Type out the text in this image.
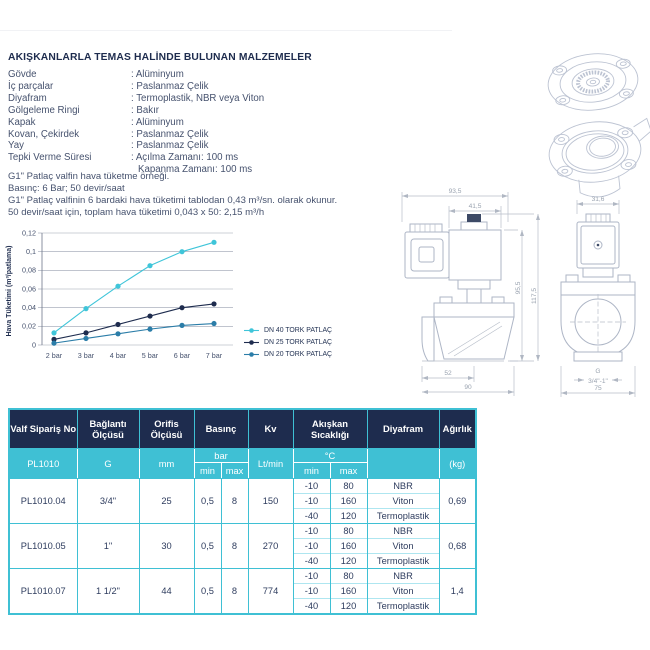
AKIŞKANLARLA TEMAS HALİNDE BULUNAN MALZEMELER
Gövde	: Alüminyum
İç parçalar	: Paslanmaz Çelik
Diyafram	: Termoplastik, NBR veya Viton
Gölgeleme Ringi	: Bakır
Kapak	: Alüminyum
Kovan, Çekirdek	: Paslanmaz Çelik
Yay	: Paslanmaz Çelik
Tepki Verme Süresi	: Açılma Zamanı: 100 ms
Kapanma Zamanı: 100 ms
G1" Patlaç valfin hava tüketme örneği.
Basınç: 6 Bar; 50 devir/saat
G1" Patlaç valfinin 6 bardaki hava tüketimi tablodan 0,43 m³/sn. olarak okunur.
50 devir/saat için, toplam hava tüketimi 0,043 x 50: 2,15 m³/h
Hava Tüketimi (m³/patlama)
0
0,02
0,04
0,06
0,08
0,1
0,12
2 bar 3 bar 4 bar 5 bar 6 bar 7 bar
DN 40 TORK PATLAÇ
DN 25 TORK PATLAÇ
DN 20 TORK PATLAÇ
93,5
41,5
95,5 117,5
52
90
31,6
G
3/4"-1"
75
Valf Sipariş No	Bağlantı Ölçüsü	Orifis Ölçüsü	Basınç		Kv	Akışkan Sıcaklığı		Diyafram	Ağırlık
PL1010	G	mm	bar		Lt/min	°C			(kg)
			min	max		min	max		
PL1010.04	3/4"	25	0,5	8	150	-10	80	NBR	0,69
						-10	160	Viton	
						-40	120	Termoplastik	
PL1010.05	1"	30	0,5	8	270	-10	80	NBR	0,68
						-10	160	Viton	
						-40	120	Termoplastik	
PL1010.07	1 1/2"	44	0,5	8	774	-10	80	NBR	1,4
						-10	160	Viton	
						-40	120	Termoplastik	
